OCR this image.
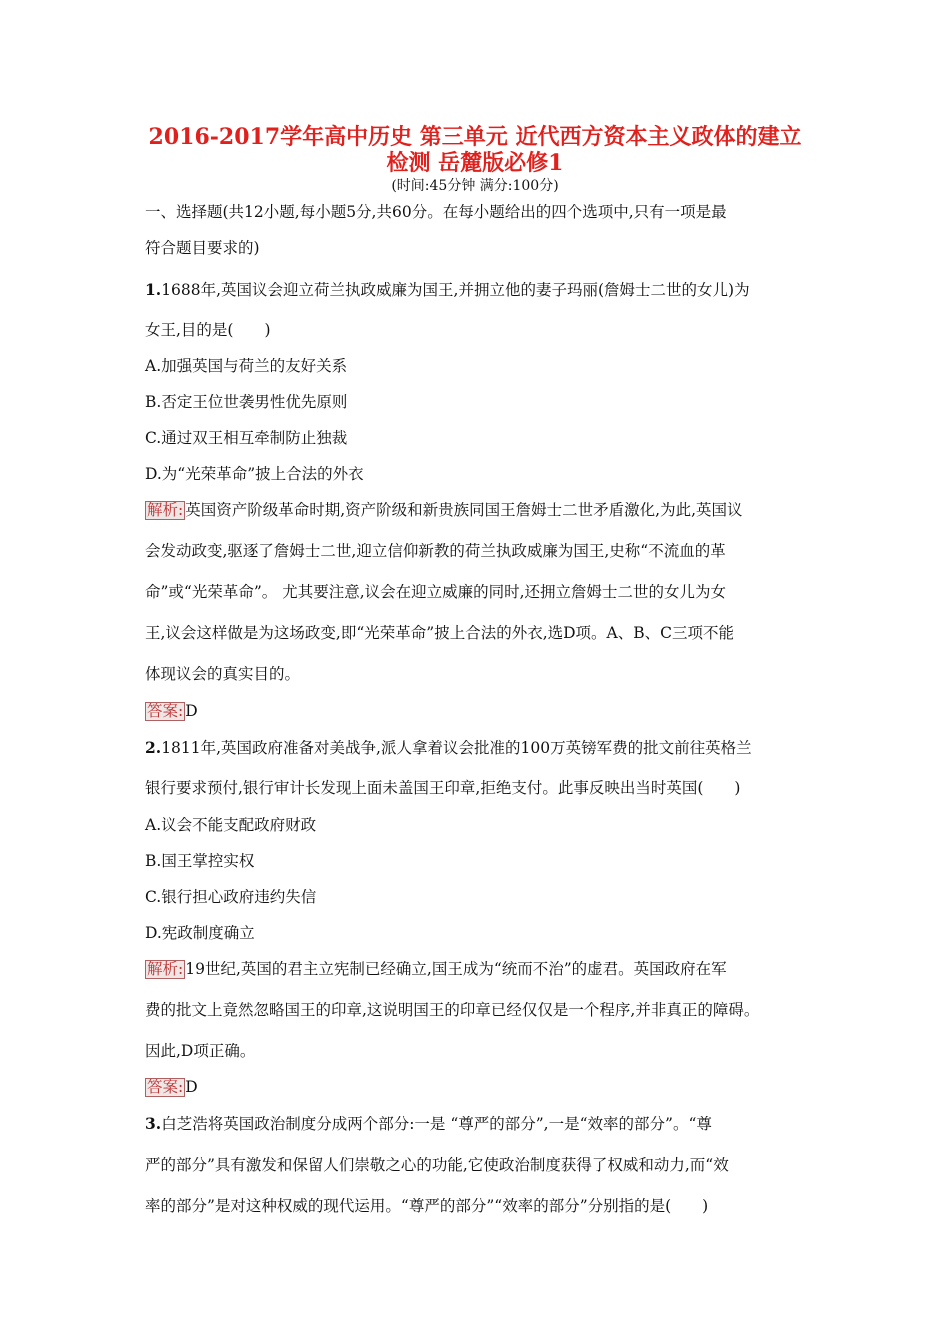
2016-2017学年高中历史 第三单元 近代西方资本主义政体的建立
检测 岳麓版必修1
(时间:45分钟 满分:100分)
一、选择题(共12小题,每小题5分,共60分。在每小题给出的四个选项中,只有一项是最
符合题目要求的)
1.1688年,英国议会迎立荷兰执政威廉为国王,并拥立他的妻子玛丽(詹姆士二世的女儿)为
女王,目的是(　　)
A.加强英国与荷兰的友好关系
B.否定王位世袭男性优先原则
C.通过双王相互牵制防止独裁
D.为“光荣革命”披上合法的外衣
解析: 英国资产阶级革命时期,资产阶级和新贵族同国王詹姆士二世矛盾激化,为此,英国议
会发动政变,驱逐了詹姆士二世,迎立信仰新教的荷兰执政威廉为国王,史称“不流血的革
命”或“光荣革命”。 尤其要注意,议会在迎立威廉的同时,还拥立詹姆士二世的女儿为女
王,议会这样做是为这场政变,即“光荣革命”披上合法的外衣,选D项。A、B、C三项不能
体现议会的真实目的。
答案: D
2.1811年,英国政府准备对美战争,派人拿着议会批准的100万英镑军费的批文前往英格兰
银行要求预付,银行审计长发现上面未盖国王印章,拒绝支付。此事反映出当时英国(　　)
A.议会不能支配政府财政
B.国王掌控实权
C.银行担心政府违约失信
D.宪政制度确立
解析: 19世纪,英国的君主立宪制已经确立,国王成为“统而不治”的虚君。英国政府在军
费的批文上竟然忽略国王的印章,这说明国王的印章已经仅仅是一个程序,并非真正的障碍。
因此,D项正确。
答案: D
3.白芝浩将英国政治制度分成两个部分:一是 “尊严的部分”,一是“效率的部分”。“尊
严的部分”具有激发和保留人们崇敬之心的功能,它使政治制度获得了权威和动力,而“效
率的部分”是对这种权威的现代运用。“尊严的部分”“效率的部分”分别指的是(　　)
